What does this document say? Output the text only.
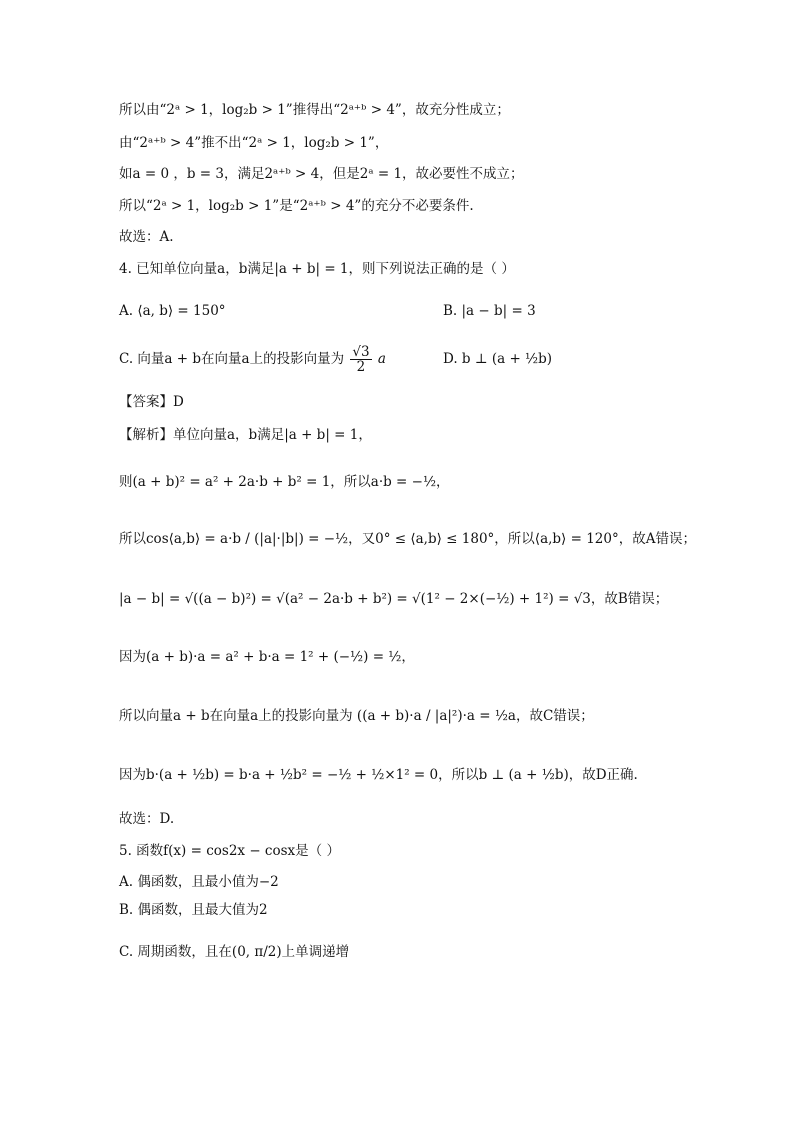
所以由“2ᵃ > 1，log₂b > 1”推得出“2ᵃ⁺ᵇ > 4”，故充分性成立；
由“2ᵃ⁺ᵇ > 4”推不出“2ᵃ > 1，log₂b > 1”，
如a = 0 ，b = 3，满足2ᵃ⁺ᵇ > 4，但是2ᵃ = 1，故必要性不成立；
所以“2ᵃ > 1，log₂b > 1”是“2ᵃ⁺ᵇ > 4”的充分不必要条件.
故选：A.
4. 已知单位向量a，b满足|a + b| = 1，则下列说法正确的是（ ）
A. ⟨a, b⟩ = 150°	B. |a − b| = 3
C. 向量a + b在向量a上的投影向量为 $\frac{√3}{2}$ a	D. b ⊥ (a + ½b)
【答案】D
【解析】单位向量a，b满足|a + b| = 1，
则(a + b)² = a² + 2a·b + b² = 1，所以a·b = −½，
所以cos⟨a,b⟩ = a·b / (|a|·|b|) = −½，又0° ≤ ⟨a,b⟩ ≤ 180°，所以⟨a,b⟩ = 120°，故A错误；
|a − b| = √((a − b)²) = √(a² − 2a·b + b²) = √(1² − 2×(−½) + 1²) = √3，故B错误；
因为(a + b)·a = a² + b·a = 1² + (−½) = ½，
所以向量a + b在向量a上的投影向量为 ((a + b)·a / |a|²)·a = ½a，故C错误；
因为b·(a + ½b) = b·a + ½b² = −½ + ½×1² = 0，所以b ⊥ (a + ½b)，故D正确.
故选：D.
5. 函数f(x) = cos2x − cosx是（ ）
A. 偶函数，且最小值为−2
B. 偶函数，且最大值为2
C. 周期函数，且在(0, π/2)上单调递增
